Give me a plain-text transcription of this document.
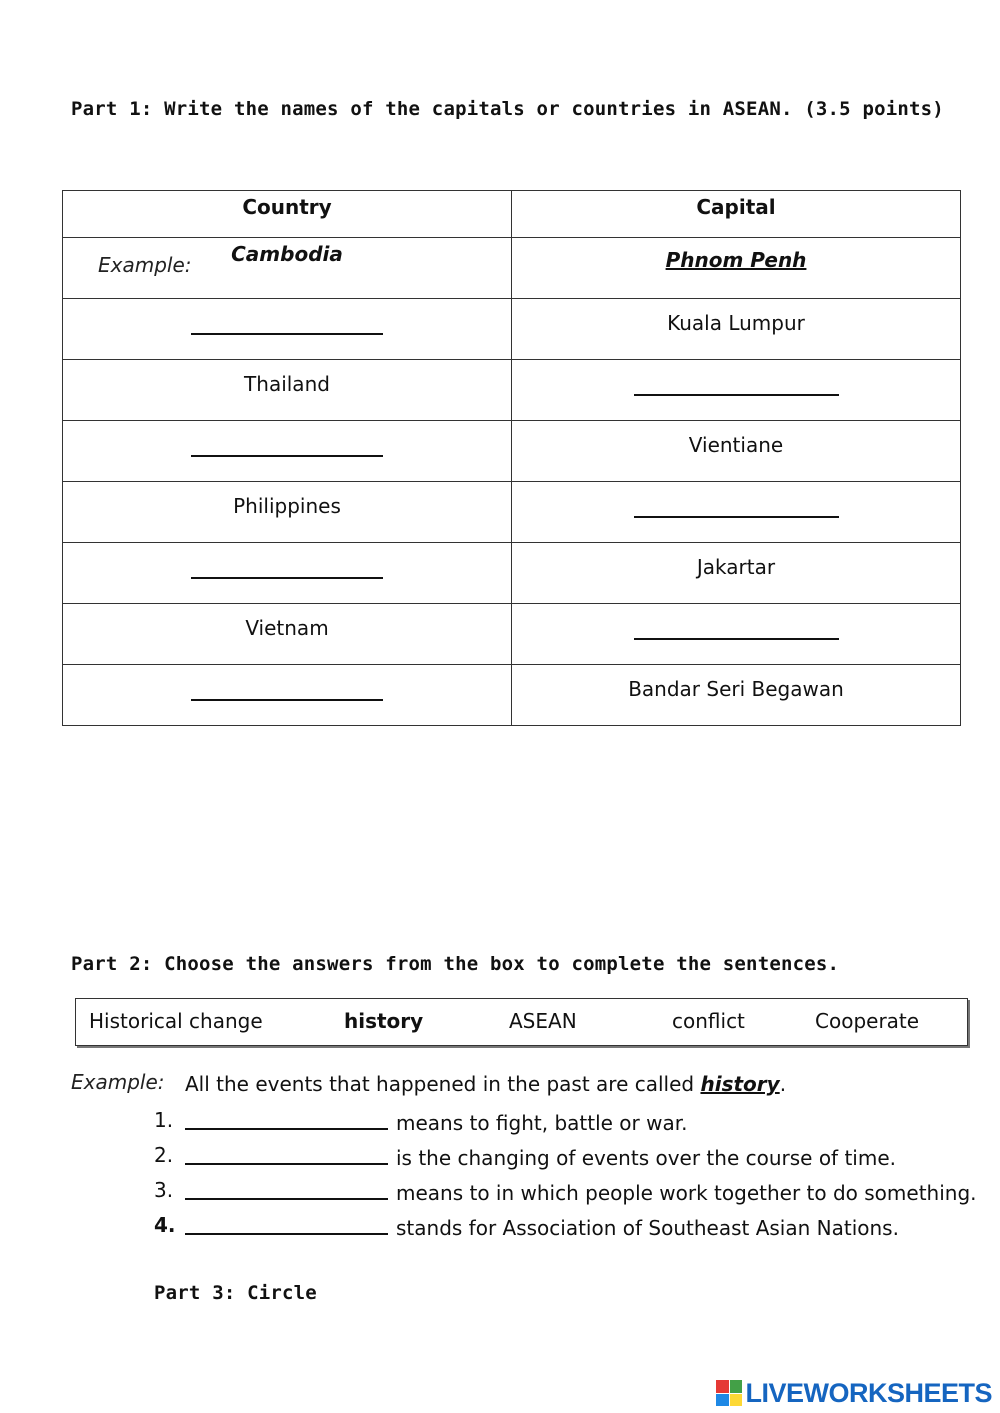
Part 1: Write the names of the capitals or countries in ASEAN. (3.5 points)
Country	Capital

Example: Cambodia	Phnom Penh
	Kuala Lumpur
Thailand	
	Vientiane
Philippines	
	Jakartar
Vietnam	
	Bandar Seri Begawan
Part 2: Choose the answers from the box to complete the sentences.
Historical change	history	ASEAN	conflict	Cooperate
Example: All the events that happened in the past are called history.
1.	means to fight, battle or war.
2.	is the changing of events over the course of time.
3.	means to in which people work together to do something.
4.	stands for Association of Southeast Asian Nations.
Part 3: Circle
LIVEWORKSHEETS
